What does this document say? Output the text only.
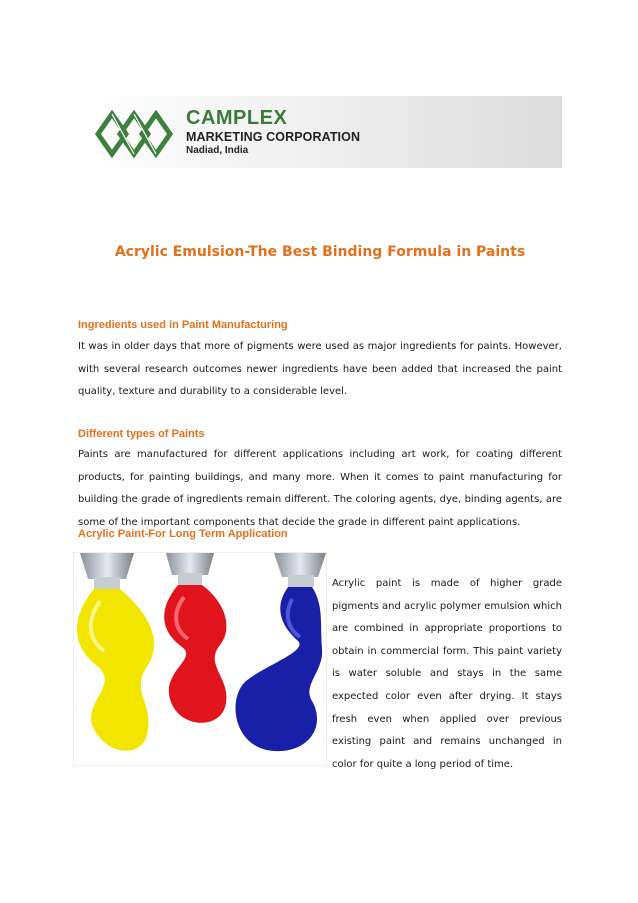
CAMPLEX
MARKETING CORPORATION
Nadiad, India
Acrylic Emulsion-The Best Binding Formula in Paints
Ingredients used in Paint Manufacturing

It was in older days that more of pigments were used as major ingredients for paints. However, with several research outcomes newer ingredients have been added that increased the paint quality, texture and durability to a considerable level.

Different types of Paints

Paints are manufactured for different applications including art work, for coating different products, for painting buildings, and many more. When it comes to paint manufacturing for building the grade of ingredients remain different. The coloring agents, dye, binding agents, are some of the important components that decide the grade in different paint applications.

Acrylic Paint-For Long Term Application

Acrylic paint is made of higher grade pigments and acrylic polymer emulsion which are combined in appropriate proportions to obtain in commercial form. This paint variety is water soluble and stays in the same expected color even after drying. It stays fresh even when applied over previous existing paint and remains unchanged in color for quite a long period of time.
